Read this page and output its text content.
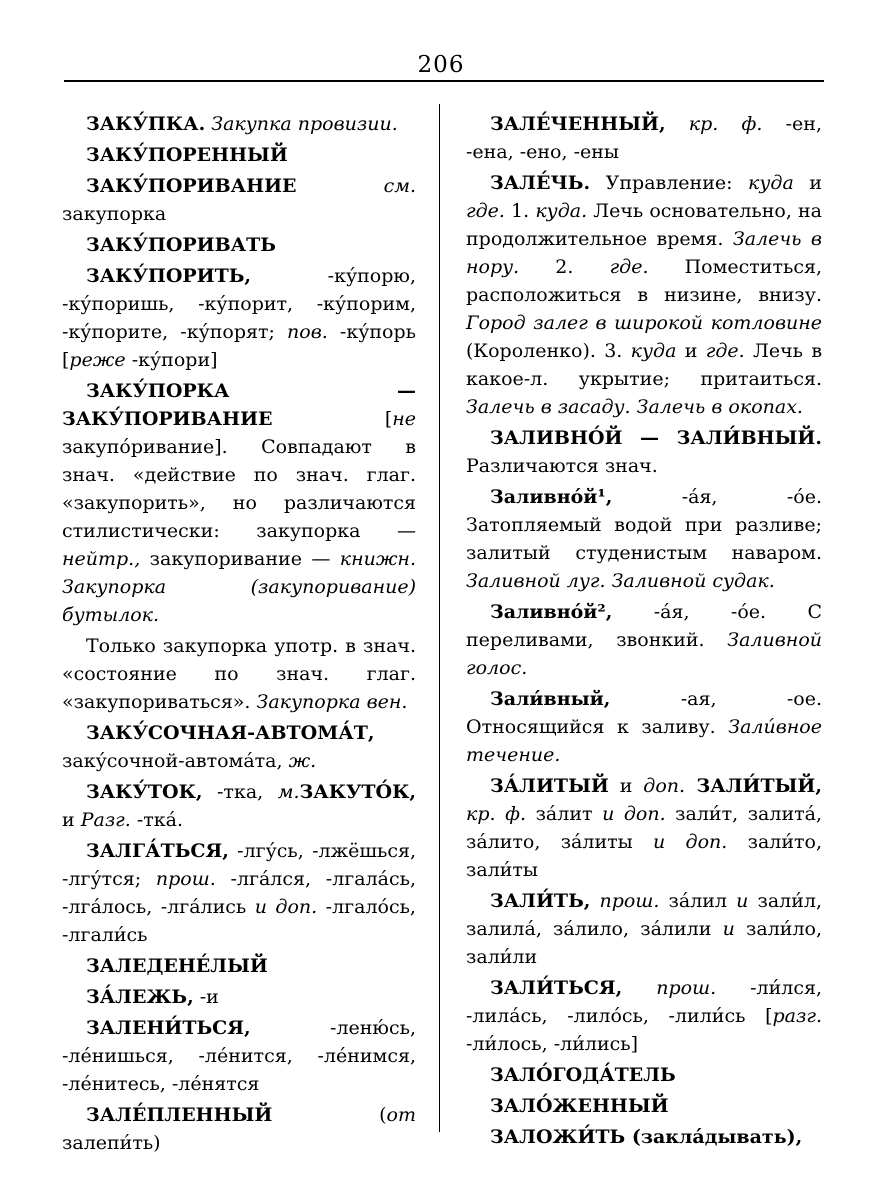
206

ЗАКУ́ПКА. Закупка провизии.

ЗАКУ́ПОРЕННЫЙ

ЗАКУ́ПОРИВАНИЕ	см. закупорка

ЗАКУ́ПОРИВАТЬ

ЗАКУ́ПОРИТЬ, -ку́порю, -ку́поришь, -ку́порит, -ку́порим, -ку́порите, -ку́порят; пов. -ку́порь [реже -ку́пори]

ЗАКУ́ПОРКА — ЗАКУ́ПОРИВАНИЕ [не закупо́ривание]. Совпадают в знач. «действие по знач. глаг. «закупорить», но различаются стилистически: закупорка — нейтр., закупоривание — книжн. Закупорка (закупоривание) бутылок.

Только закупорка употр. в знач. «состояние по знач. глаг. «закупориваться». Закупорка вен.

ЗАКУ́СОЧНАЯ-АВТОМА́Т, заку́сочной-автома́та, ж.

ЗАКУ́ТОК, -тка, м.ЗАКУТО́К, и Разг. -тка́.

ЗАЛГА́ТЬСЯ, -лгу́сь, -лжёшься, -лгу́тся; прош. -лга́лся, -лгала́сь, -лга́лось, -лга́лись и доп. -лгало́сь, -лгали́сь

ЗАЛЕДЕНЕ́ЛЫЙ

ЗА́ЛЕЖЬ, -и

ЗАЛЕНИ́ТЬСЯ, -леню́сь, -ле́нишься, -ле́нится, -ле́нимся, -ле́нитесь, -ле́нятся

ЗАЛЕ́ПЛЕННЫЙ (от залепи́ть)

ЗАЛЕ́ЧЕННЫЙ, кр. ф. -ен, -ена, -ено, -ены

ЗАЛЕ́ЧЬ. Управление: куда и где. 1. куда. Лечь основательно, на продолжительное время. Залечь в нору. 2. где. Поместиться, расположиться в низине, внизу. Город залег в широкой котловине (Короленко). 3. куда и где. Лечь в какое-л. укрытие; притаиться. Залечь в засаду. Залечь в окопах.

ЗАЛИВНО́Й — ЗАЛИ́ВНЫЙ. Различаются знач.

Заливно́й¹, -а́я, -о́е. Затопляемый водой при разливе; залитый студенистым наваром. Заливной луг. Заливной судак.

Заливно́й², -а́я, -о́е. С переливами, звонкий. Заливной голос.

Зали́вный, -ая, -ое. Относящийся к заливу. Зали́вное течение.

ЗА́ЛИТЫЙ и доп. ЗАЛИ́ТЫЙ, кр. ф. за́лит и доп. зали́т, залита́, за́лито, за́литы и доп. зали́то, зали́ты

ЗАЛИ́ТЬ, прош. за́лил и зали́л, залила́, за́лило, за́лили и зали́ло, зали́ли

ЗАЛИ́ТЬСЯ, прош. -ли́лся, -лила́сь, -лило́сь, -лили́сь [разг. -ли́лось, -ли́лись]

ЗАЛО́ГОДА́ТЕЛЬ

ЗАЛО́ЖЕННЫЙ

ЗАЛОЖИ́ТЬ (закла́дывать),
